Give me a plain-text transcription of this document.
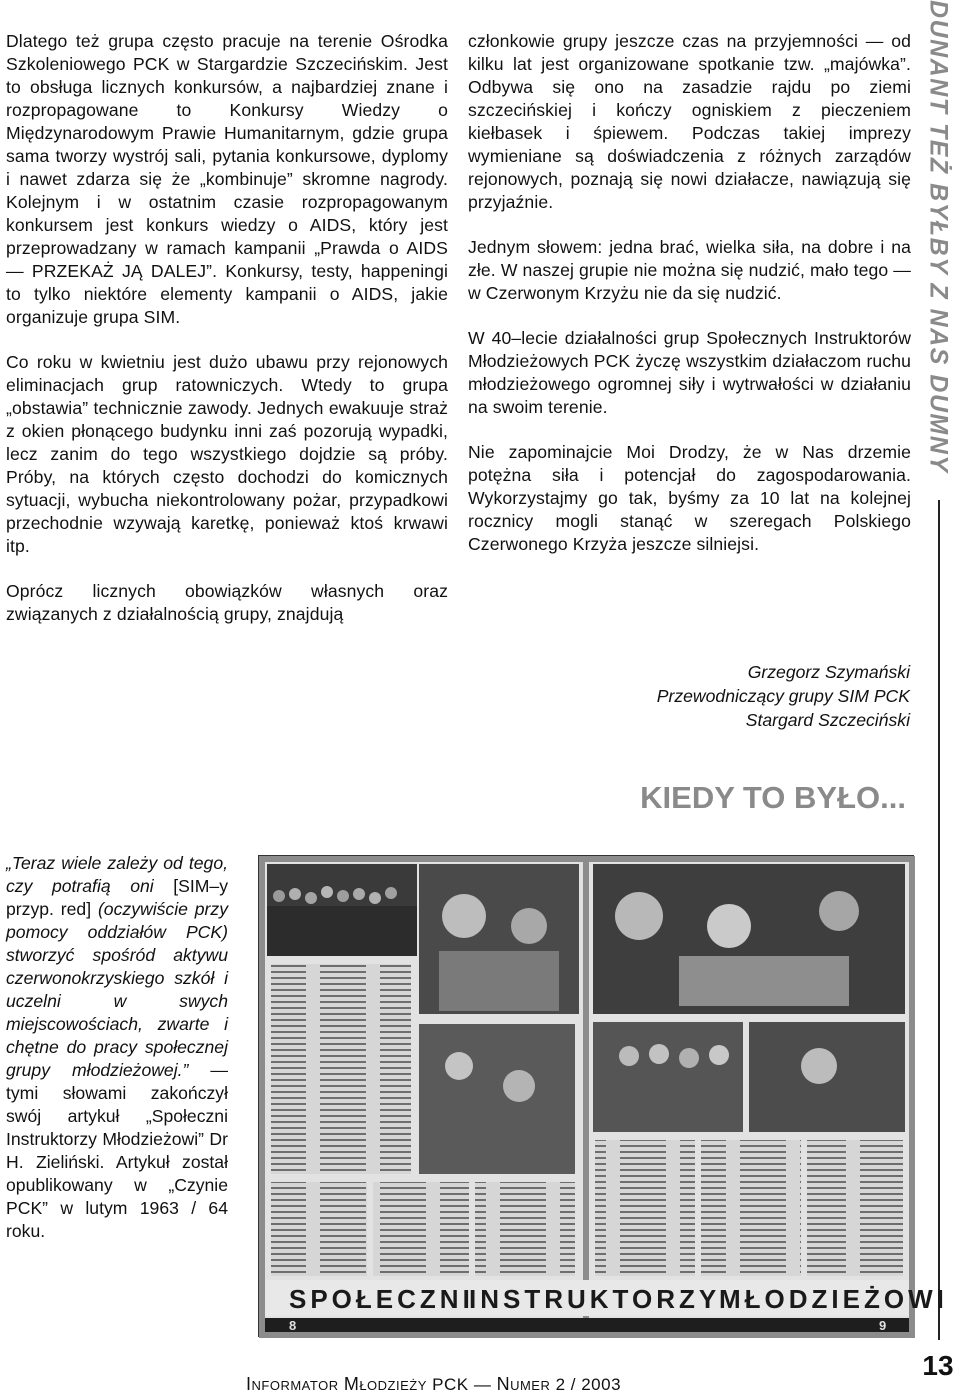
Dlatego też grupa często pracuje na terenie Ośrodka Szkoleniowego PCK w Stargardzie Szczecińskim. Jest to obsługa licznych konkursów, a najbardziej znane i rozpropagowane to Konkursy Wiedzy o Międzynarodowym Prawie Humanitarnym, gdzie grupa sama tworzy wystrój sali, pytania konkursowe, dyplomy i nawet zdarza się że „kombinuje” skromne nagrody. Kolejnym i w ostatnim czasie rozpropagowanym konkursem jest konkurs wiedzy o AIDS, który jest przeprowadzany w ramach kampanii „Prawda o AIDS — PRZEKAŻ JĄ DALEJ”. Konkursy, testy, happeningi to tylko niektóre elementy kampanii o AIDS, jakie organizuje grupa SIM.

Co roku w kwietniu jest dużo ubawu przy rejonowych eliminacjach grup ratowniczych. Wtedy to grupa „obstawia” technicznie zawody. Jednych ewakuuje straż z okien płonącego budynku inni zaś pozorują wypadki, lecz zanim do tego wszystkiego dojdzie są próby. Próby, na których często dochodzi do komicznych sytuacji, wybucha niekontrolowany pożar, przypadkowi przechodnie wzywają karetkę, ponieważ ktoś krwawi itp.

Oprócz licznych obowiązków własnych oraz związanych z działalnością grupy, znajdują

członkowie grupy jeszcze czas na przyjemności — od kilku lat jest organizowane spotkanie tzw. „majówka”. Odbywa się ono na zasadzie rajdu po ziemi szczecińskiej i kończy ogniskiem z pieczeniem kiełbasek i śpiewem. Podczas takiej imprezy wymieniane są doświadczenia z różnych zarządów rejonowych, poznają się nowi działacze, nawiązują się przyjaźnie.

Jednym słowem: jedna brać, wielka siła, na dobre i na złe. W naszej grupie nie można się nudzić, mało tego — w Czerwonym Krzyżu nie da się nudzić.

W 40–lecie działalności grup Społecznych Instruktorów Młodzieżowych PCK życzę wszystkim działaczom ruchu młodzieżowego ogromnej siły i wytrwałości w działaniu na swoim terenie.

Nie zapominajcie Moi Drodzy, że w Nas drzemie potężna siła i potencjał do zagospodarowania. Wykorzystajmy go tak, byśmy za 10 lat na kolejnej rocznicy mogli stanąć w szeregach Polskiego Czerwonego Krzyża jeszcze silniejsi.

Grzegorz Szymański

Przewodniczący grupy SIM PCK

Stargard Szczeciński

DUNANT TEŻ BYŁBY Z NAS DUMNY
13
KIEDY TO BYŁO...
„Teraz wiele zależy od tego, czy potrafią oni [SIM–y przyp. red] (oczywiście przy pomocy oddziałów PCK) stworzyć spośród aktywu czerwonokrzyskiego szkół i uczelni w swych miejscowościach, zwarte i chętne do pracy społecznej grupy młodzieżowej.” — tymi słowami zakończył swój artykuł „Społeczni Instruktorzy Młodzieżowi” Dr H. Zieliński. Artykuł został opublikowany w „Czynie PCK” w lutym 1963 / 64 roku.
SPOŁECZNI
INSTRUKTORZY
MŁODZIEŻOWI
8	9
INFORMATOR MŁODZIEŻY PCK — NUMER 2 / 2003
